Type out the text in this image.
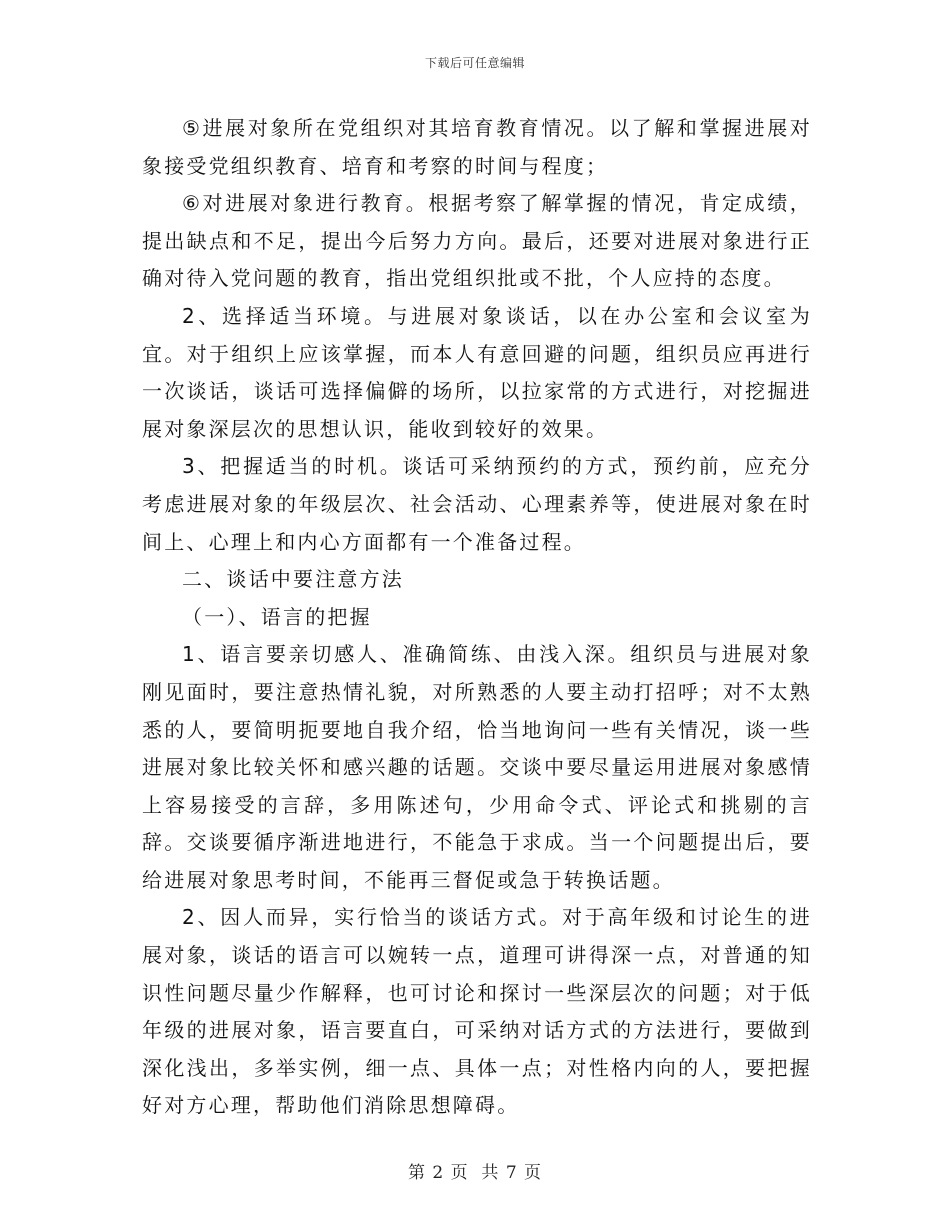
下载后可任意编辑

⑤进展对象所在党组织对其培育教育情况。以了解和掌握进展对象接受党组织教育、培育和考察的时间与程度；

⑥对进展对象进行教育。根据考察了解掌握的情况，肯定成绩，提出缺点和不足，提出今后努力方向。最后，还要对进展对象进行正确对待入党问题的教育，指出党组织批或不批，个人应持的态度。

2、选择适当环境。与进展对象谈话，以在办公室和会议室为宜。对于组织上应该掌握，而本人有意回避的问题，组织员应再进行一次谈话，谈话可选择偏僻的场所，以拉家常的方式进行，对挖掘进展对象深层次的思想认识，能收到较好的效果。

3、把握适当的时机。谈话可采纳预约的方式，预约前，应充分考虑进展对象的年级层次、社会活动、心理素养等，使进展对象在时间上、心理上和内心方面都有一个准备过程。

二、谈话中要注意方法

（一）、语言的把握

1、语言要亲切感人、准确简练、由浅入深。组织员与进展对象刚见面时，要注意热情礼貌，对所熟悉的人要主动打招呼；对不太熟悉的人，要简明扼要地自我介绍，恰当地询问一些有关情况，谈一些进展对象比较关怀和感兴趣的话题。交谈中要尽量运用进展对象感情上容易接受的言辞，多用陈述句，少用命令式、评论式和挑剔的言辞。交谈要循序渐进地进行，不能急于求成。当一个问题提出后，要给进展对象思考时间，不能再三督促或急于转换话题。

2、因人而异，实行恰当的谈话方式。对于高年级和讨论生的进展对象，谈话的语言可以婉转一点，道理可讲得深一点，对普通的知识性问题尽量少作解释，也可讨论和探讨一些深层次的问题；对于低年级的进展对象，语言要直白，可采纳对话方式的方法进行，要做到深化浅出，多举实例，细一点、具体一点；对性格内向的人，要把握好对方心理，帮助他们消除思想障碍。

第 2 页  共 7 页
